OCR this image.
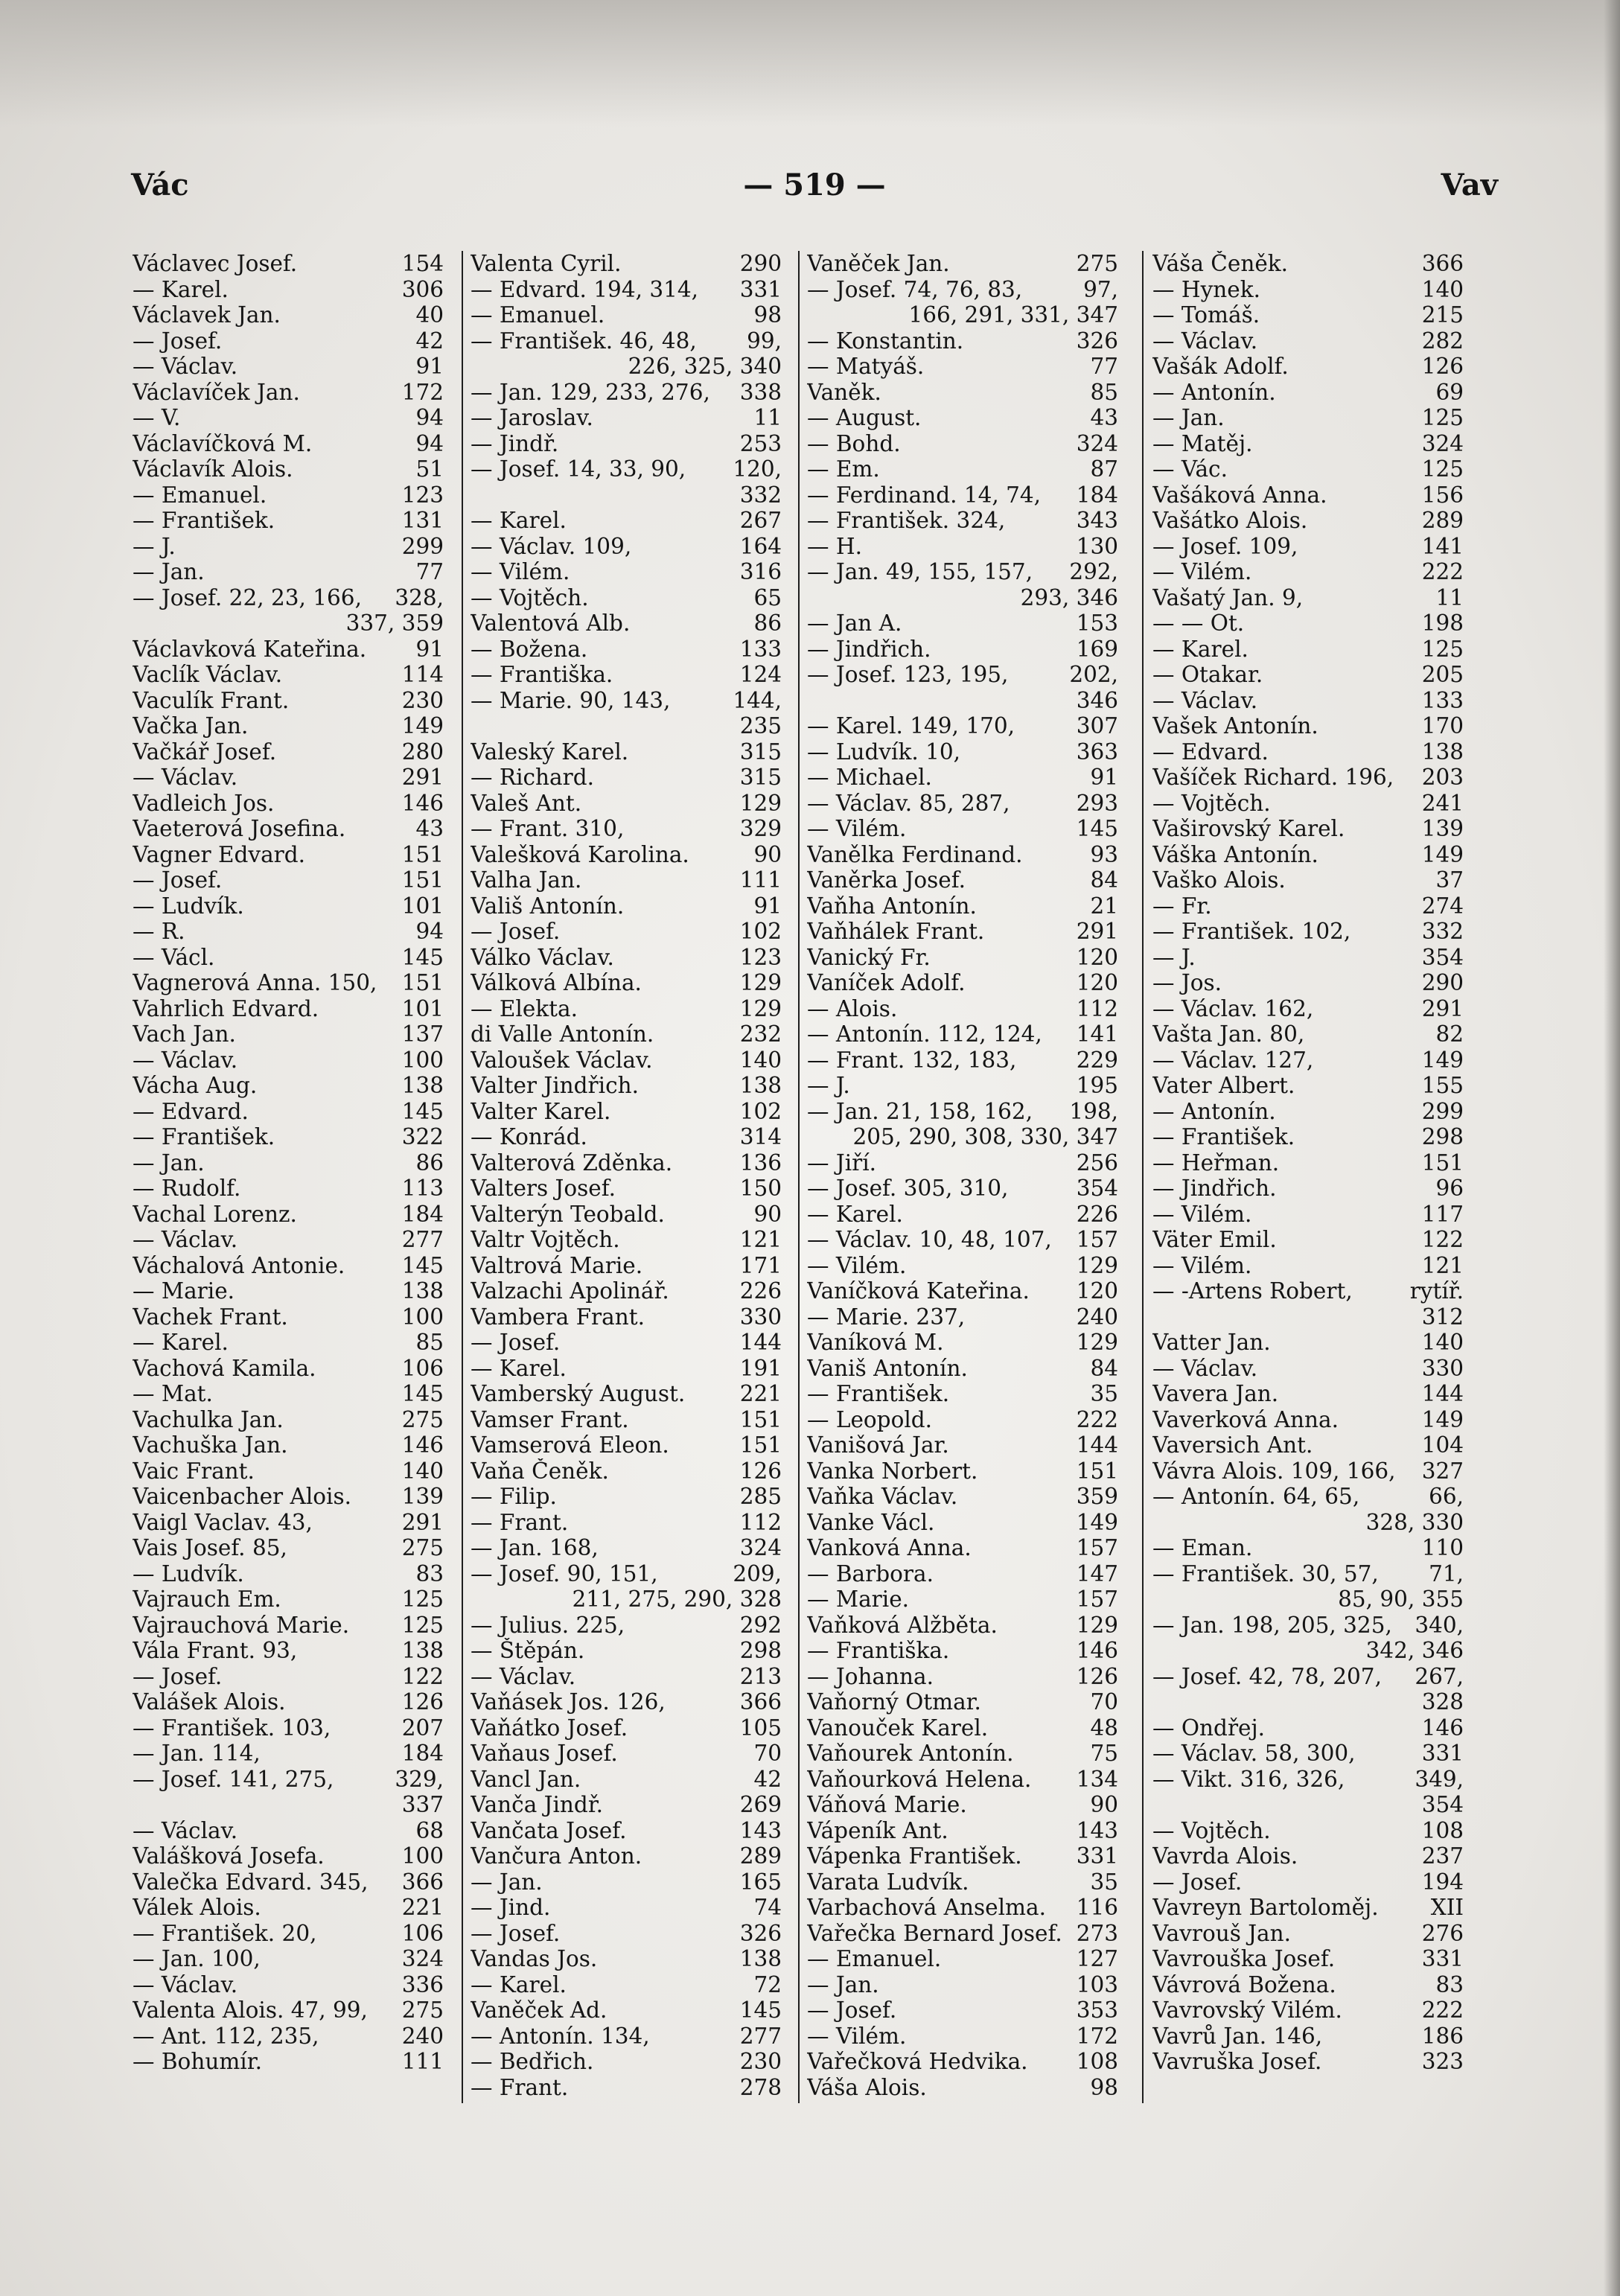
Vác	— 519 —	Vav
Václavec Josef.	154
— Karel.	306
Václavek Jan.	40
— Josef.	42
— Václav.	91
Václavíček Jan.	172
— V.	94
Václavíčková M.	94
Václavík Alois.	51
— Emanuel.	123
— František.	131
— J.	299
— Jan.	77
— Josef. 22, 23, 166, 328,
337, 359
Václavková Kateřina. 91
Vaclík Václav.	114
Vaculík Frant.	230
Vačka Jan.	149
Vačkář Josef.	280
— Václav.	291
Vadleich Jos.	146
Vaeterová Josefina.	43
Vagner Edvard.	151
— Josef.	151
— Ludvík.	101
— R.	94
— Václ.	145
Vagnerová Anna. 150, 151
Vahrlich Edvard.	101
Vach Jan.	137
— Václav.	100
Vácha Aug.	138
— Edvard.	145
— František.	322
— Jan.	86
— Rudolf.	113
Vachal Lorenz.	184
— Václav.	277
Váchalová Antonie.	145
— Marie.	138
Vachek Frant.	100
— Karel.	85
Vachová Kamila.	106
— Mat.	145
Vachulka Jan.	275
Vachuška Jan.	146
Vaic Frant.	140
Vaicenbacher Alois. 139
Vaigl Vaclav. 43,	291
Vais Josef. 85,	275
— Ludvík.	83
Vajrauch Em.	125
Vajrauchová Marie. 125
Vála Frant. 93,	138
— Josef.	122
Valášek Alois.	126
— František. 103,	207
— Jan. 114,	184
— Josef. 141, 275,	329,
337
— Václav.	68
Valášková Josefa.	100
Valečka Edvard. 345, 366
Válek Alois.	221
— František. 20,	106
— Jan. 100,	324
— Václav.	336
Valenta Alois. 47, 99, 275
— Ant. 112, 235,	240
— Bohumír.	111
Valenta Cyril.	290
— Edvard. 194, 314, 331
— Emanuel.	98
— František. 46, 48, 99,
226, 325, 340
— Jan. 129, 233, 276, 338
— Jaroslav.	11
— Jindř.	253
— Josef. 14, 33, 90, 120,
332
— Karel.	267
— Václav. 109,	164
— Vilém.	316
— Vojtěch.	65
Valentová Alb.	86
— Božena.	133
— Františka.	124
— Marie. 90, 143,	144,
235
Valeský Karel.	315
— Richard.	315
Valeš Ant.	129
— Frant. 310,	329
Valešková Karolina.	90
Valha Jan.	111
Vališ Antonín.	91
— Josef.	102
Válko Václav.	123
Válková Albína.	129
— Elekta.	129
di Valle Antonín.	232
Valoušek Václav.	140
Valter Jindřich.	138
Valter Karel.	102
— Konrád.	314
Valterová Zděnka.	136
Valters Josef.	150
Valterýn Teobald.	90
Valtr Vojtěch.	121
Valtrová Marie.	171
Valzachi Apolinář.	226
Vambera Frant.	330
— Josef.	144
— Karel.	191
Vamberský August. 221
Vamser Frant.	151
Vamserová Eleon.	151
Vaňa Čeněk.	126
— Filip.	285
— Frant.	112
— Jan. 168,	324
— Josef. 90, 151,	209,
211, 275, 290, 328
— Julius. 225,	292
— Štěpán.	298
— Václav.	213
Vaňásek Jos. 126,	366
Vaňátko Josef.	105
Vaňaus Josef.	70
Vancl Jan.	42
Vanča Jindř.	269
Vančata Josef.	143
Vančura Anton.	289
— Jan.	165
— Jind.	74
— Josef.	326
Vandas Jos.	138
— Karel.	72
Vaněček Ad.	145
— Antonín. 134,	277
— Bedřich.	230
— Frant.	278
Vaněček Jan.	275
— Josef. 74, 76, 83,	97,
166, 291, 331, 347
— Konstantin.	326
— Matyáš.	77
Vaněk.	85
— August.	43
— Bohd.	324
— Em.	87
— Ferdinand. 14, 74, 184
— František. 324,	343
— H.	130
— Jan. 49, 155, 157, 292,
293, 346
— Jan A.	153
— Jindřich.	169
— Josef. 123, 195,	202,
346
— Karel. 149, 170,	307
— Ludvík. 10,	363
— Michael.	91
— Václav. 85, 287,	293
— Vilém.	145
Vanělka Ferdinand.	93
Vaněrka Josef.	84
Vaňha Antonín.	21
Vaňhálek Frant.	291
Vanický Fr.	120
Vaníček Adolf.	120
— Alois.	112
— Antonín. 112, 124, 141
— Frant. 132, 183,	229
— J.	195
— Jan. 21, 158, 162, 198,
205, 290, 308, 330, 347
— Jiří.	256
— Josef. 305, 310,	354
— Karel.	226
— Václav. 10, 48, 107, 157
— Vilém.	129
Vaníčková Kateřina. 120
— Marie. 237,	240
Vaníková M.	129
Vaniš Antonín.	84
— František.	35
— Leopold.	222
Vanišová Jar.	144
Vanka Norbert.	151
Vaňka Václav.	359
Vanke Václ.	149
Vanková Anna.	157
— Barbora.	147
— Marie.	157
Vaňková Alžběta.	129
— Františka.	146
— Johanna.	126
Vaňorný Otmar.	70
Vanouček Karel.	48
Vaňourek Antonín.	75
Vaňourková Helena. 134
Váňová Marie.	90
Vápeník Ant.	143
Vápenka František. 331
Varata Ludvík.	35
Varbachová Anselma. 116
Vařečka Bernard Josef. 273
— Emanuel.	127
— Jan.	103
— Josef.	353
— Vilém.	172
Vařečková Hedvika. 108
Váša Alois.	98
Váša Čeněk.	366
— Hynek.	140
— Tomáš.	215
— Václav.	282
Vašák Adolf.	126
— Antonín.	69
— Jan.	125
— Matěj.	324
— Vác.	125
Vašáková Anna.	156
Vašátko Alois.	289
— Josef. 109,	141
— Vilém.	222
Vašatý Jan. 9,	11
— — Ot.	198
— Karel.	125
— Otakar.	205
— Václav.	133
Vašek Antonín.	170
— Edvard.	138
Vašíček Richard. 196, 203
— Vojtěch.	241
Vaširovský Karel.	139
Váška Antonín.	149
Vaško Alois.	37
— Fr.	274
— František. 102,	332
— J.	354
— Jos.	290
— Václav. 162,	291
Vašta Jan. 80,	82
— Václav. 127,	149
Vater Albert.	155
— Antonín.	299
— František.	298
— Heřman.	151
— Jindřich.	96
— Vilém.	117
Väter Emil.	122
— Vilém.	121
— -Artens Robert,	rytíř.
312
Vatter Jan.	140
— Václav.	330
Vavera Jan.	144
Vaverková Anna.	149
Vaversich Ant.	104
Vávra Alois. 109, 166, 327
— Antonín. 64, 65,	66,
328, 330
— Eman.	110
— František. 30, 57, 71,
85, 90, 355
— Jan. 198, 205, 325, 340,
342, 346
— Josef. 42, 78, 207, 267,
328
— Ondřej.	146
— Václav. 58, 300,	331
— Vikt. 316, 326,	349,
354
— Vojtěch.	108
Vavrda Alois.	237
— Josef.	194
Vavreyn Bartoloměj. XII
Vavrouš Jan.	276
Vavrouška Josef.	331
Vávrová Božena.	83
Vavrovský Vilém.	222
Vavrů Jan. 146,	186
Vavruška Josef.	323
